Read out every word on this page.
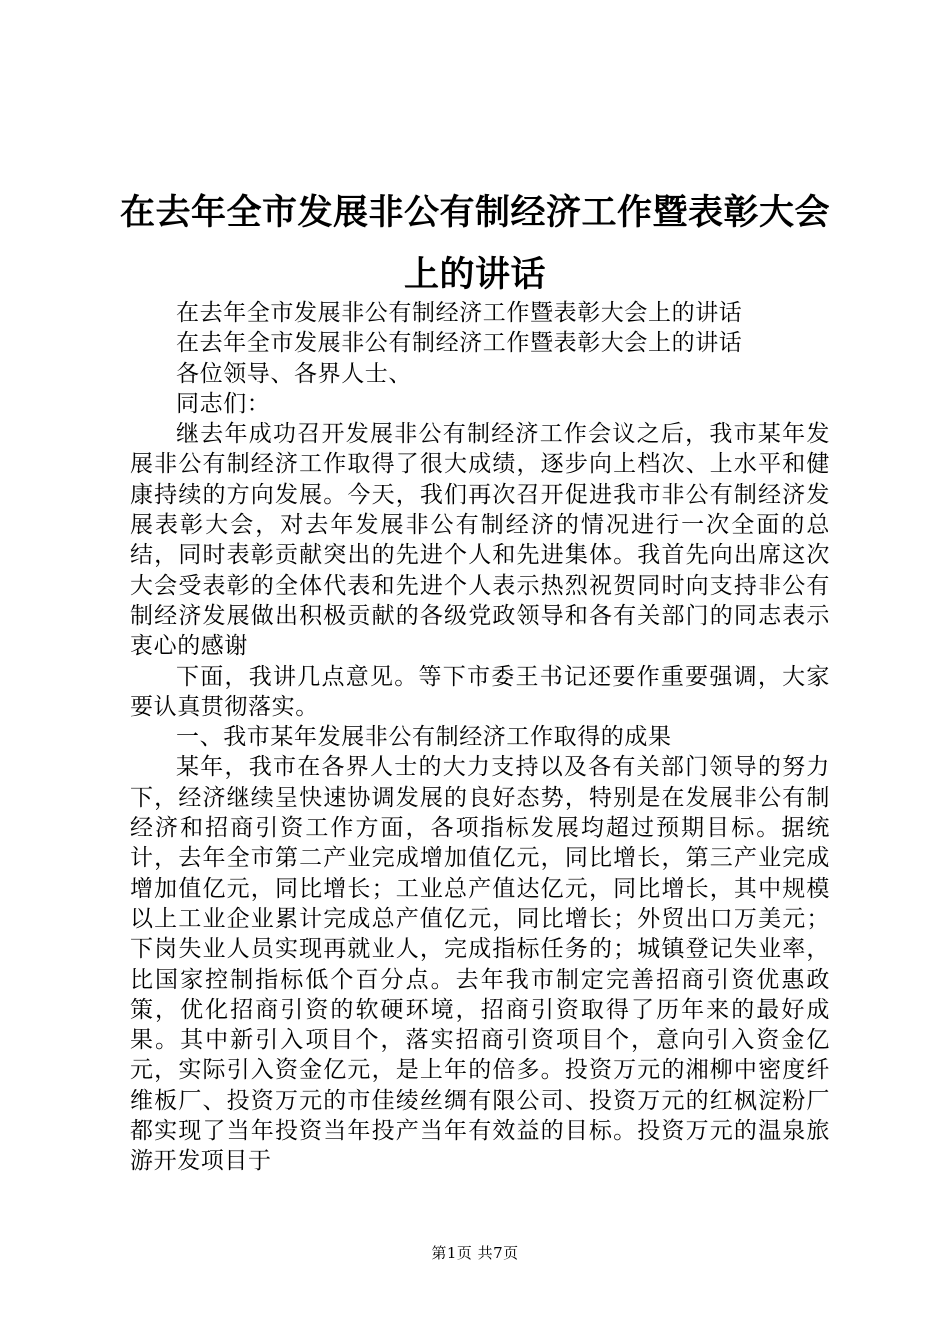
在去年全市发展非公有制经济工作暨表彰大会
上的讲话

在去年全市发展非公有制经济工作暨表彰大会上的讲话

在去年全市发展非公有制经济工作暨表彰大会上的讲话

各位领导、各界人士、

同志们：

继去年成功召开发展非公有制经济工作会议之后，我市某年发展非公有制经济工作取得了很大成绩，逐步向上档次、上水平和健康持续的方向发展。今天，我们再次召开促进我市非公有制经济发展表彰大会，对去年发展非公有制经济的情况进行一次全面的总结，同时表彰贡献突出的先进个人和先进集体。我首先向出席这次大会受表彰的全体代表和先进个人表示热烈祝贺同时向支持非公有制经济发展做出积极贡献的各级党政领导和各有关部门的同志表示衷心的感谢

下面，我讲几点意见。等下市委王书记还要作重要强调，大家要认真贯彻落实。

一、我市某年发展非公有制经济工作取得的成果

某年，我市在各界人士的大力支持以及各有关部门领导的努力下，经济继续呈快速协调发展的良好态势，特别是在发展非公有制经济和招商引资工作方面，各项指标发展均超过预期目标。据统计，去年全市第二产业完成增加值亿元，同比增长，第三产业完成增加值亿元，同比增长；工业总产值达亿元，同比增长，其中规模以上工业企业累计完成总产值亿元，同比增长；外贸出口万美元；下岗失业人员实现再就业人，完成指标任务的；城镇登记失业率，比国家控制指标低个百分点。去年我市制定完善招商引资优惠政策，优化招商引资的软硬环境，招商引资取得了历年来的最好成果。其中新引入项目个，落实招商引资项目个，意向引入资金亿元，实际引入资金亿元，是上年的倍多。投资万元的湘柳中密度纤维板厂、投资万元的市佳绫丝绸有限公司、投资万元的红枫淀粉厂都实现了当年投资当年投产当年有效益的目标。投资万元的温泉旅游开发项目于

第1页 共7页
